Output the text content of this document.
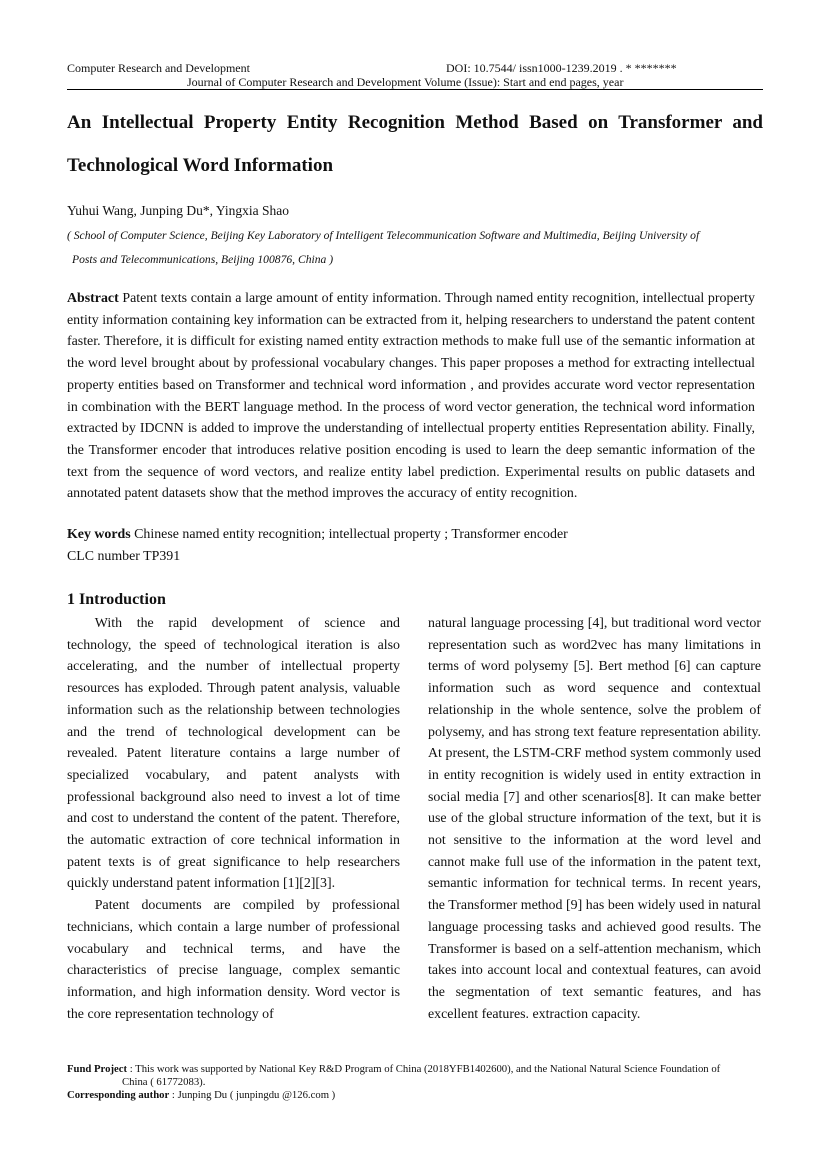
Computer Research and Development	DOI: 10.7544/ issn1000-1239.2019 . * *******
Journal of Computer Research and Development Volume (Issue): Start and end pages, year
An Intellectual Property Entity Recognition Method Based on Transformer and Technological Word Information
Yuhui Wang, Junping Du*, Yingxia Shao
( School of Computer Science, Beijing Key Laboratory of Intelligent Telecommunication Software and Multimedia, Beijing University of
Posts and Telecommunications, Beijing 100876, China )
Abstract Patent texts contain a large amount of entity information. Through named entity recognition, intellectual property entity information containing key information can be extracted from it, helping researchers to understand the patent content faster. Therefore, it is difficult for existing named entity extraction methods to make full use of the semantic information at the word level brought about by professional vocabulary changes. This paper proposes a method for extracting intellectual property entities based on Transformer and technical word information , and provides accurate word vector representation in combination with the BERT language method. In the process of word vector generation, the technical word information extracted by IDCNN is added to improve the understanding of intellectual property entities Representation ability. Finally, the Transformer encoder that introduces relative position encoding is used to learn the deep semantic information of the text from the sequence of word vectors, and realize entity label prediction. Experimental results on public datasets and annotated patent datasets show that the method improves the accuracy of entity recognition.
Key words Chinese named entity recognition; intellectual property ; Transformer encoder
CLC number TP391
1 Introduction

With the rapid development of science and technology, the speed of technological iteration is also accelerating, and the number of intellectual property resources has exploded. Through patent analysis, valuable information such as the relationship between technologies and the trend of technological development can be revealed. Patent literature contains a large number of specialized vocabulary, and patent analysts with professional background also need to invest a lot of time and cost to understand the content of the patent. Therefore, the automatic extraction of core technical information in patent texts is of great significance to help researchers quickly understand patent information [1][2][3].

Patent documents are compiled by professional technicians, which contain a large number of professional vocabulary and technical terms, and have the characteristics of precise language, complex semantic information, and high information density. Word vector is the core representation technology of

natural language processing [4], but traditional word vector representation such as word2vec has many limitations in terms of word polysemy [5]. Bert method [6] can capture information such as word sequence and contextual relationship in the whole sentence, solve the problem of polysemy, and has strong text feature representation ability. At present, the LSTM-CRF method system commonly used in entity recognition is widely used in entity extraction in social media [7] and other scenarios[8]. It can make better use of the global structure information of the text, but it is not sensitive to the information at the word level and cannot make full use of the information in the patent text, semantic information for technical terms. In recent years, the Transformer method [9] has been widely used in natural language processing tasks and achieved good results. The Transformer is based on a self-attention mechanism, which takes into account local and contextual features, can avoid the segmentation of text semantic features, and has excellent features. extraction capacity.

Fund Project : This work was supported by National Key R&D Program of China (2018YFB1402600), and the National Natural Science Foundation of
China ( 61772083).
Corresponding author : Junping Du ( junpingdu @126.com )
